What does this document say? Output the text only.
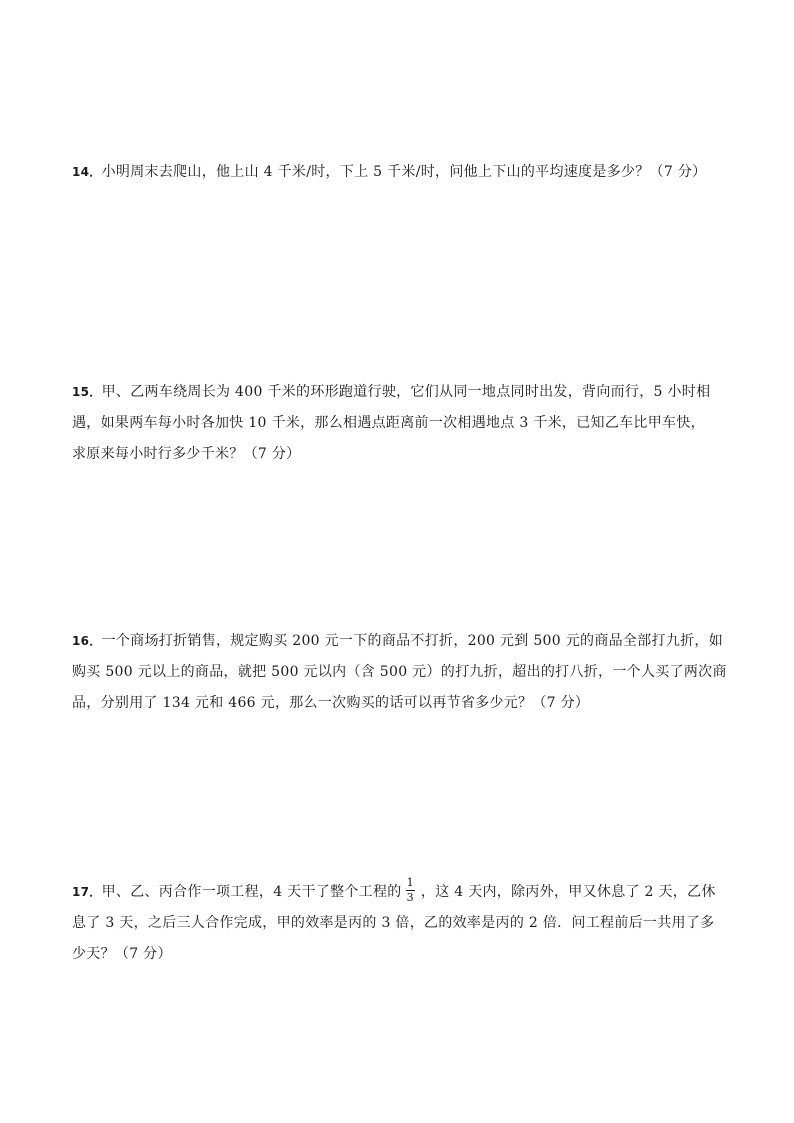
14．小明周末去爬山，他上山 4 千米/时，下上 5 千米/时，问他上下山的平均速度是多少？（7 分）
15．甲、乙两车绕周长为 400 千米的环形跑道行驶，它们从同一地点同时出发，背向而行，5 小时相
遇，如果两车每小时各加快 10 千米，那么相遇点距离前一次相遇地点 3 千米，已知乙车比甲车快，
求原来每小时行多少千米？（7 分）
16．一个商场打折销售，规定购买 200 元一下的商品不打折，200 元到 500 元的商品全部打九折，如
购买 500 元以上的商品，就把 500 元以内（含 500 元）的打九折，超出的打八折，一个人买了两次商
品，分别用了 134 元和 466 元，那么一次购买的话可以再节省多少元？（7 分）
17．甲、乙、丙合作一项工程，4 天干了整个工程的 $\frac{1}{3}$ ，这 4 天内，除丙外，甲又休息了 2 天，乙休
息了 3 天，之后三人合作完成，甲的效率是丙的 3 倍，乙的效率是丙的 2 倍．问工程前后一共用了多
少天？（7 分）
